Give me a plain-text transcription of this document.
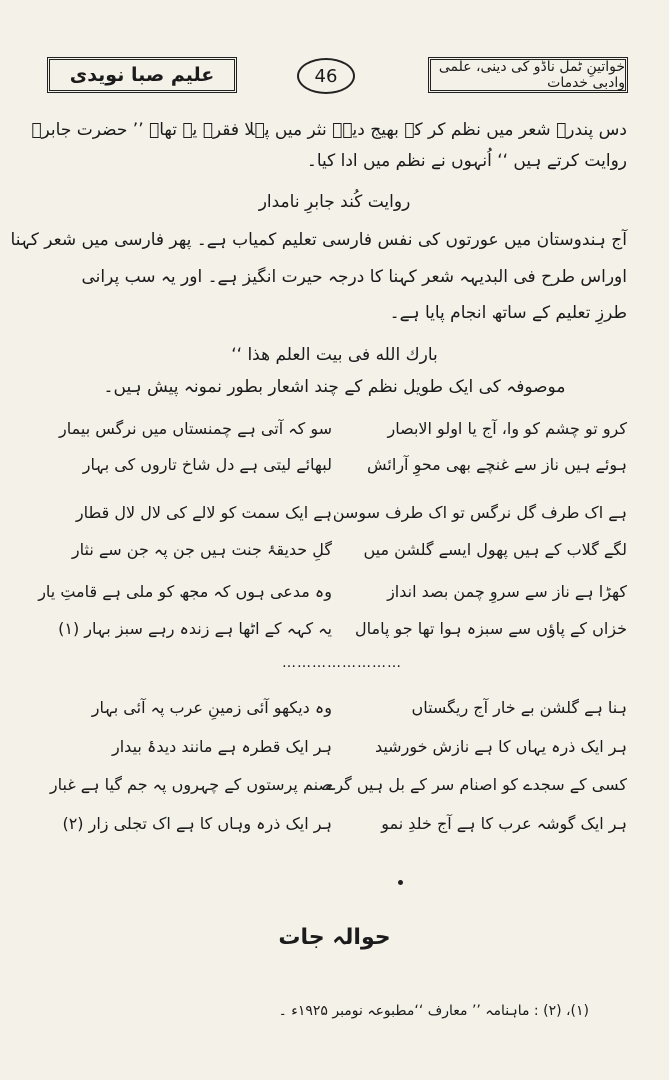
علیم صبا نویدی	46	خواتینِ ٹمل ناڈو کی دینی، علمی وادبی خدمات
دس پندرہ شعر میں نظم کر کے بھیج دیے۔ نثر میں پہلا فقرہ یہ تھا۔ ’’ حضرت جابرؓ
روایت کرتے ہیں ‘‘ اُنہوں نے نظم میں ادا کیا۔
روایت کُند جابرِ نامدار
آج ہندوستان میں عورتوں کی نفس فارسی تعلیم کمیاب ہے۔ پھر فارسی میں شعر کہنا
اوراس طرح فی البدیہہ شعر کہنا کا درجہ حیرت انگیز ہے۔ اور یہ سب پرانی
طرزِ تعلیم کے ساتھ انجام پایا ہے۔
بارك الله فى بيت العلم هذا ‘‘
موصوفہ کی ایک طویل نظم کے چند اشعار بطور نمونہ پیش ہیں۔
کرو تو چشم کو وا، آج یا اولو الابصار
سو کہ آتی ہے چمنستاں میں نرگس بیمار
ہوئے ہیں ناز سے غنچے بھی محوِ آرائش
لبھائے لیتی ہے دل شاخ تاروں کی بہار
ہے اک طرف گل نرگس تو اک طرف سوسن
ہے ایک سمت کو لالے کی لال لال قطار
لگے گلاب کے ہیں پھول ایسے گلشن میں
گلِ حدیقۂ جنت ہیں جن پہ جن سے نثار
کھڑا ہے ناز سے سروِ چمن بصد انداز
وہ مدعی ہوں کہ مجھ کو ملی ہے قامتِ یار
خزاں کے پاؤں سے سبزہ ہوا تھا جو پامال
یہ کہہ کے اٹھا ہے زندہ رہے سبز بہار (۱)
……………………
ہنا ہے گلشن بے خار آج ریگستاں
وہ دیکھو آئی زمینِ عرب پہ آئی بہار
ہر ایک ذرہ یہاں کا ہے نازش خورشید
ہر ایک قطرہ ہے مانند دیدۂ بیدار
کسی کے سجدے کو اصنام سر کے بل ہیں گرے
صنم پرستوں کے چہروں پہ جم گیا ہے غبار
ہر ایک گوشہ عرب کا ہے آج خلدِ نمو
ہر ایک ذرہ وہاں کا ہے اک تجلی زار (۲)
حوالہ جات
(۱)، (۲) : ماہنامہ ’’ معارف ‘‘مطبوعہ نومبر ۱۹۲۵ء ۔
